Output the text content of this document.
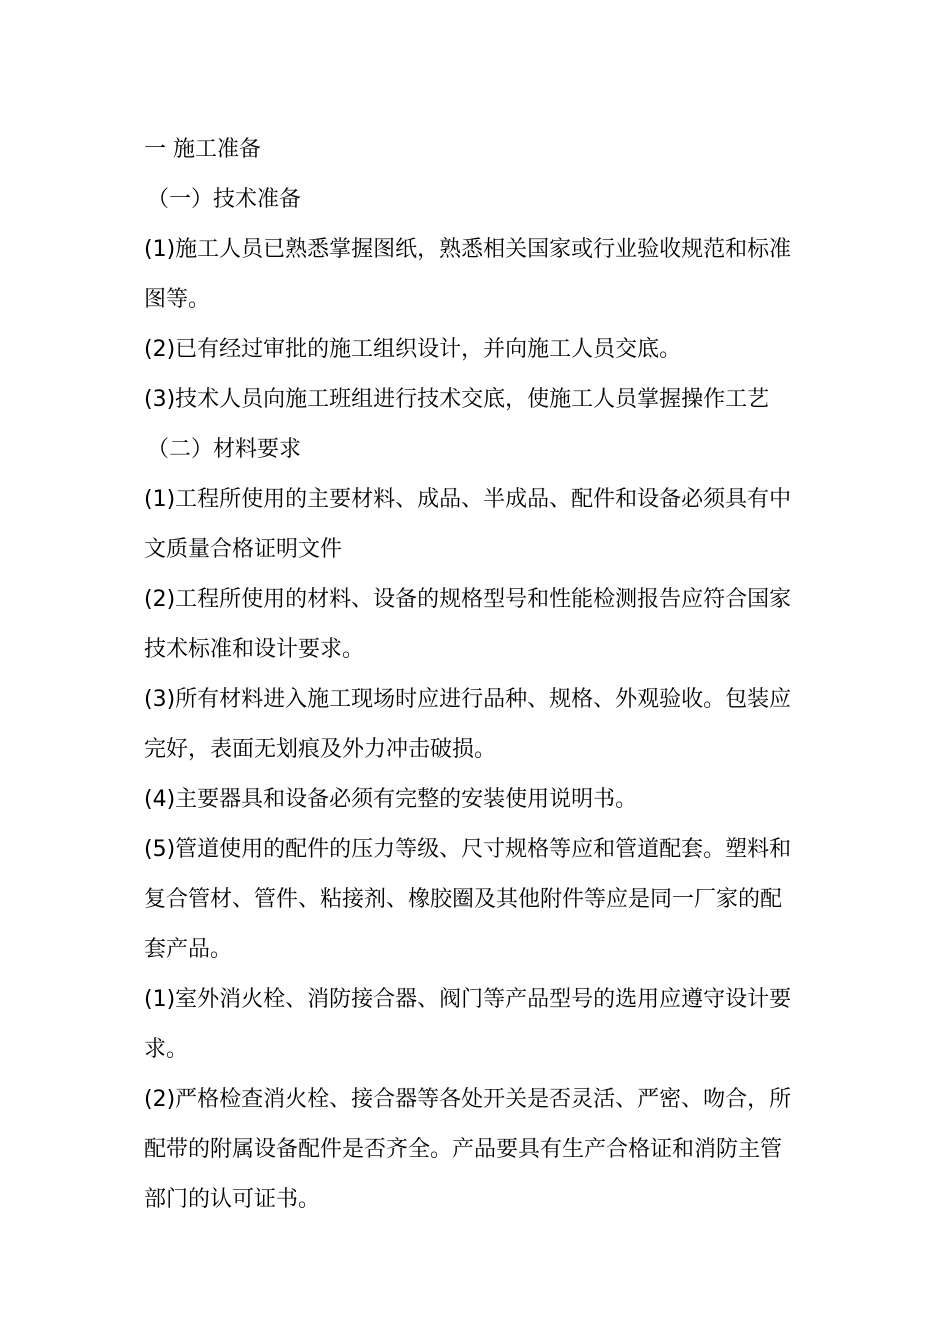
一 施工准备
（一）技术准备
(1)施工人员已熟悉掌握图纸，熟悉相关国家或行业验收规范和标准
图等。
(2)已有经过审批的施工组织设计，并向施工人员交底。
(3)技术人员向施工班组进行技术交底，使施工人员掌握操作工艺
（二）材料要求
(1)工程所使用的主要材料、成品、半成品、配件和设备必须具有中
文质量合格证明文件
(2)工程所使用的材料、设备的规格型号和性能检测报告应符合国家
技术标准和设计要求。
(3)所有材料进入施工现场时应进行品种、规格、外观验收。包装应
完好，表面无划痕及外力冲击破损。
(4)主要器具和设备必须有完整的安装使用说明书。
(5)管道使用的配件的压力等级、尺寸规格等应和管道配套。塑料和
复合管材、管件、粘接剂、橡胶圈及其他附件等应是同一厂家的配
套产品。
(1)室外消火栓、消防接合器、阀门等产品型号的选用应遵守设计要
求。
(2)严格检查消火栓、接合器等各处开关是否灵活、严密、吻合，所
配带的附属设备配件是否齐全。产品要具有生产合格证和消防主管
部门的认可证书。
